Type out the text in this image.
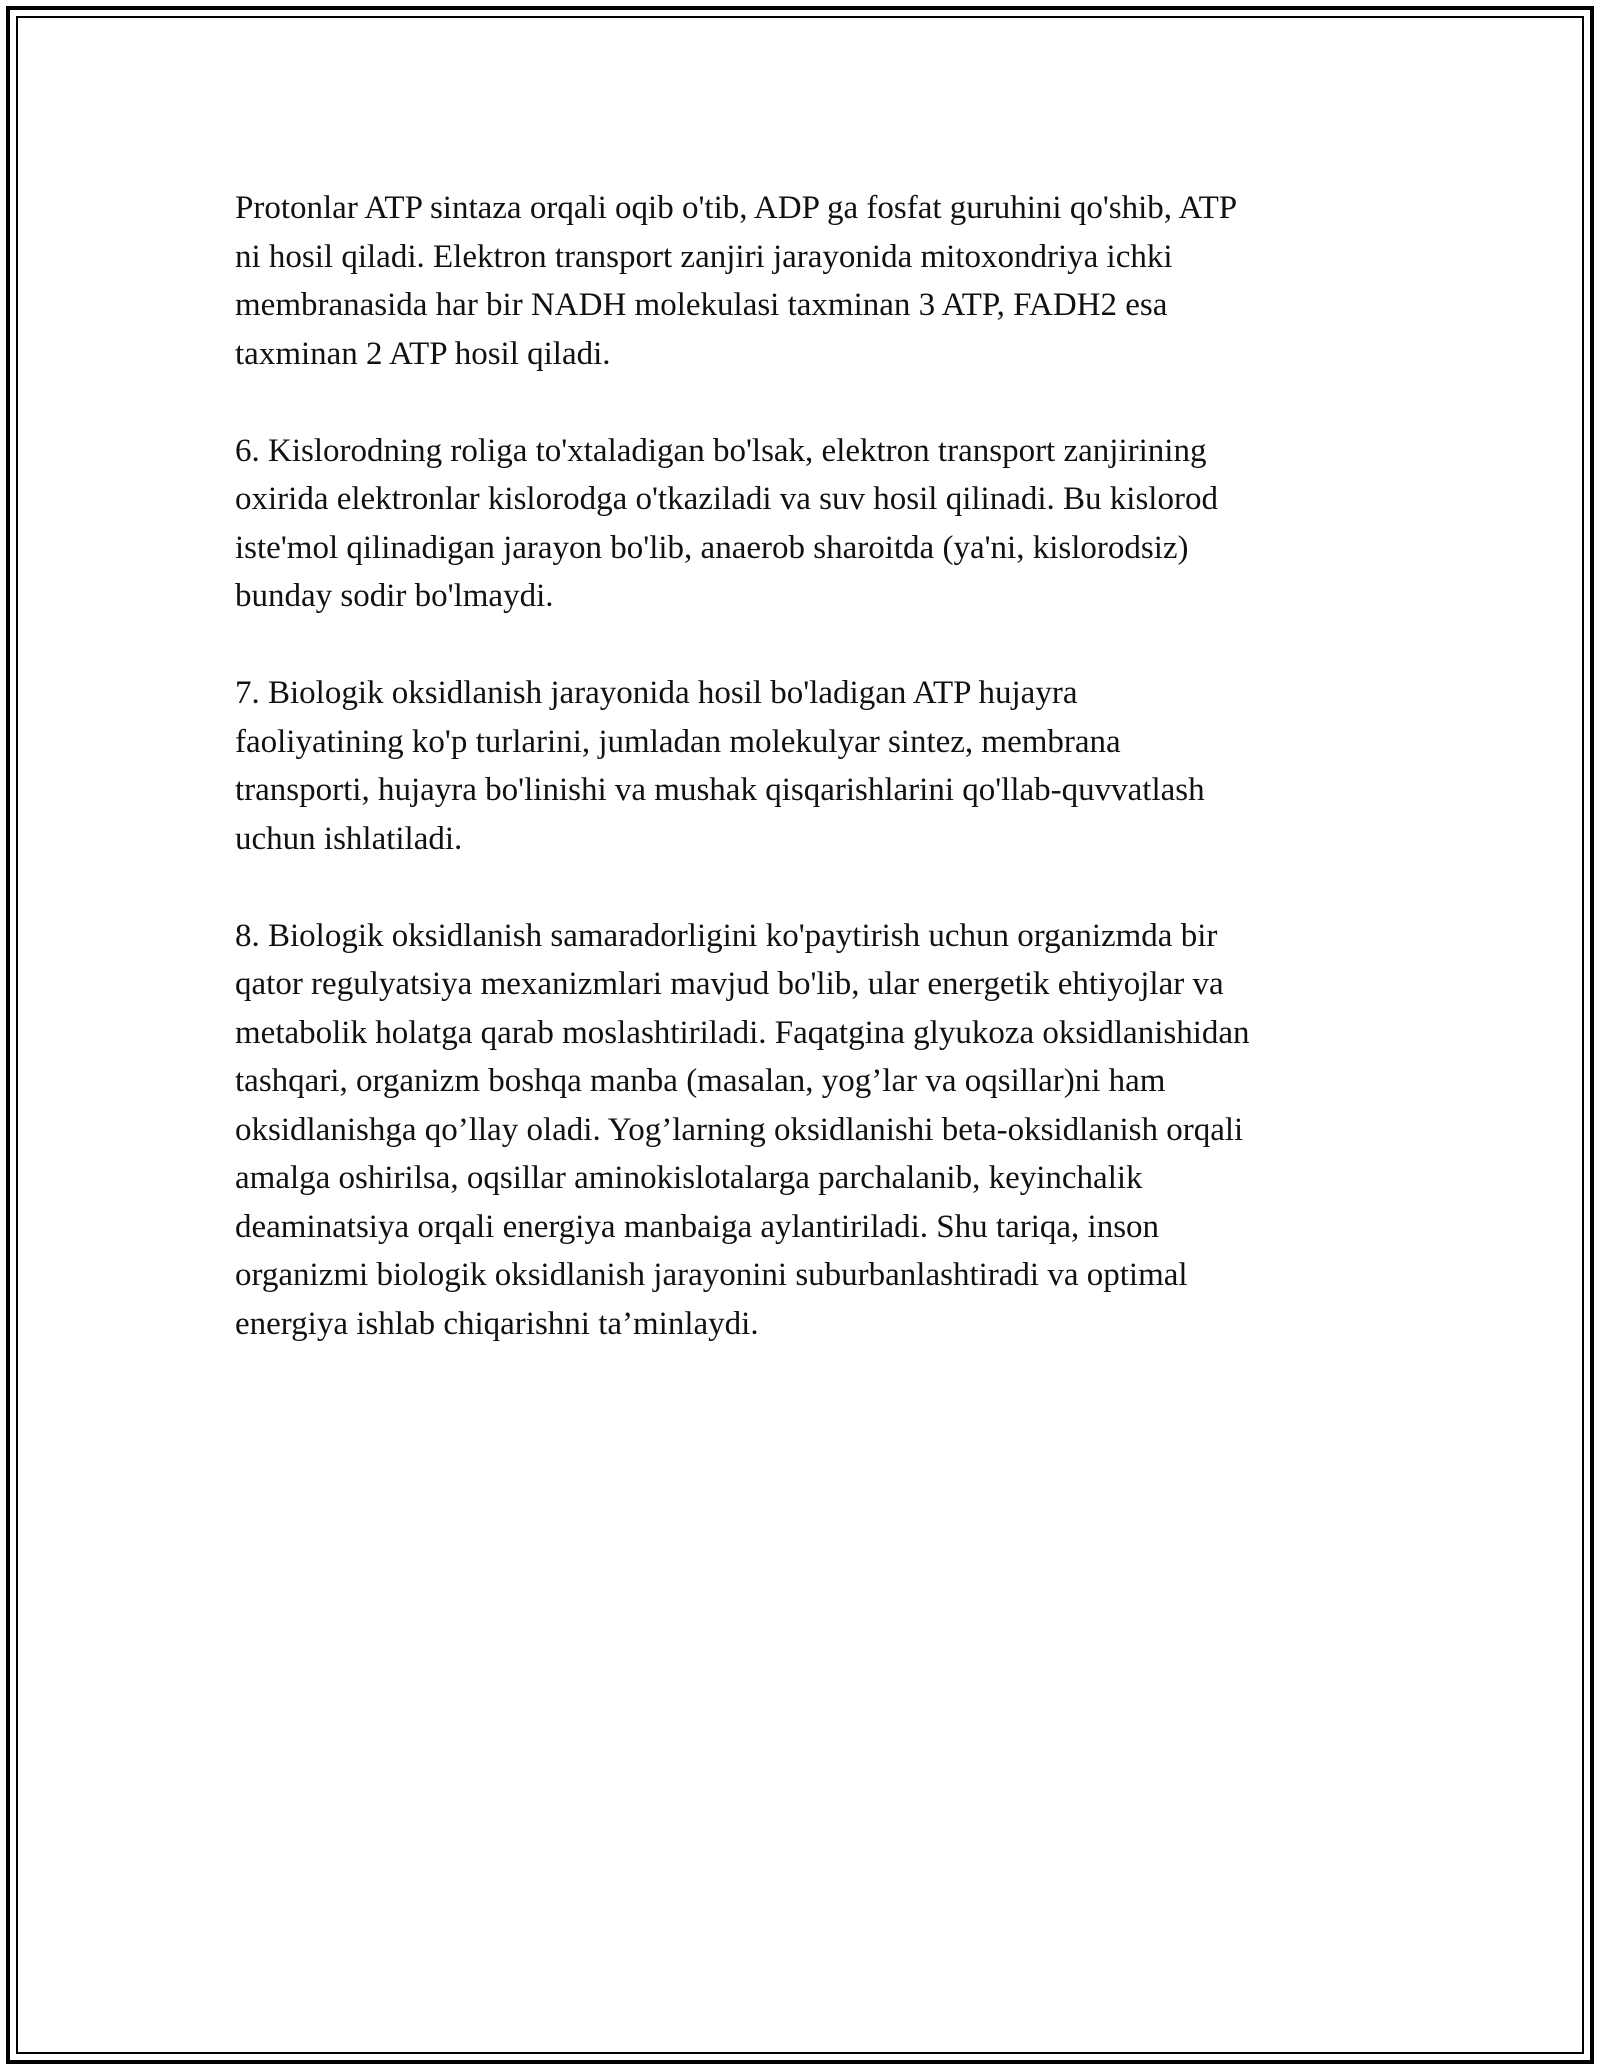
Protonlar ATP sintaza orqali oqib o'tib, ADP ga fosfat guruhini qo'shib, ATP
ni hosil qiladi. Elektron transport zanjiri jarayonida mitoxondriya ichki
membranasida har bir NADH molekulasi taxminan 3 ATP, FADH2 esa
taxminan 2 ATP hosil qiladi.

6. Kislorodning roliga to'xtaladigan bo'lsak, elektron transport zanjirining
oxirida elektronlar kislorodga o'tkaziladi va suv hosil qilinadi. Bu kislorod
iste'mol qilinadigan jarayon bo'lib, anaerob sharoitda (ya'ni, kislorodsiz)
bunday sodir bo'lmaydi.

7. Biologik oksidlanish jarayonida hosil bo'ladigan ATP hujayra
faoliyatining ko'p turlarini, jumladan molekulyar sintez, membrana
transporti, hujayra bo'linishi va mushak qisqarishlarini qo'llab-quvvatlash
uchun ishlatiladi.

8. Biologik oksidlanish samaradorligini ko'paytirish uchun organizmda bir
qator regulyatsiya mexanizmlari mavjud bo'lib, ular energetik ehtiyojlar va
metabolik holatga qarab moslashtiriladi. Faqatgina glyukoza oksidlanishidan
tashqari, organizm boshqa manba (masalan, yog’lar va oqsillar)ni ham
oksidlanishga qo’llay oladi. Yog’larning oksidlanishi beta-oksidlanish orqali
amalga oshirilsa, oqsillar aminokislotalarga parchalanib, keyinchalik
deaminatsiya orqali energiya manbaiga aylantiriladi. Shu tariqa, inson
organizmi biologik oksidlanish jarayonini suburbanlashtiradi va optimal
energiya ishlab chiqarishni ta’minlaydi.
